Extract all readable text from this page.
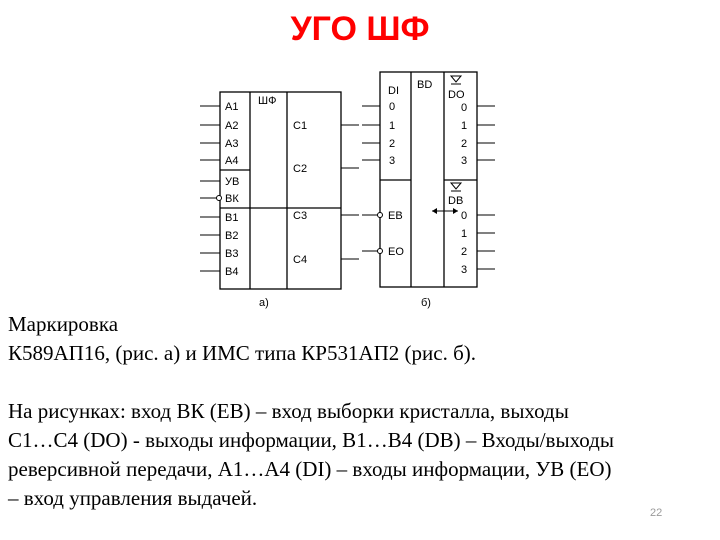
УГО ШФ
ШФ
A1
A2
A3
A4
УВ
ВК
B1
B2
B3
B4
C1
C2
C3
C4
а)
BD
DI
0
1
2
3
EB
EO
DO
0
1
2
3
DB
0
1
2
3
б)

Маркировка

К589АП16, (рис. а) и ИМС типа КР531АП2 (рис. б).

На рисунках: вход ВК (EB) – вход выборки кристалла, выходы

C1…C4 (DO) - выходы информации, B1…B4 (DB) – Входы/выходы

реверсивной передачи, A1…A4 (DI) – входы информации, УВ (EO)

– вход управления выдачей.

22
